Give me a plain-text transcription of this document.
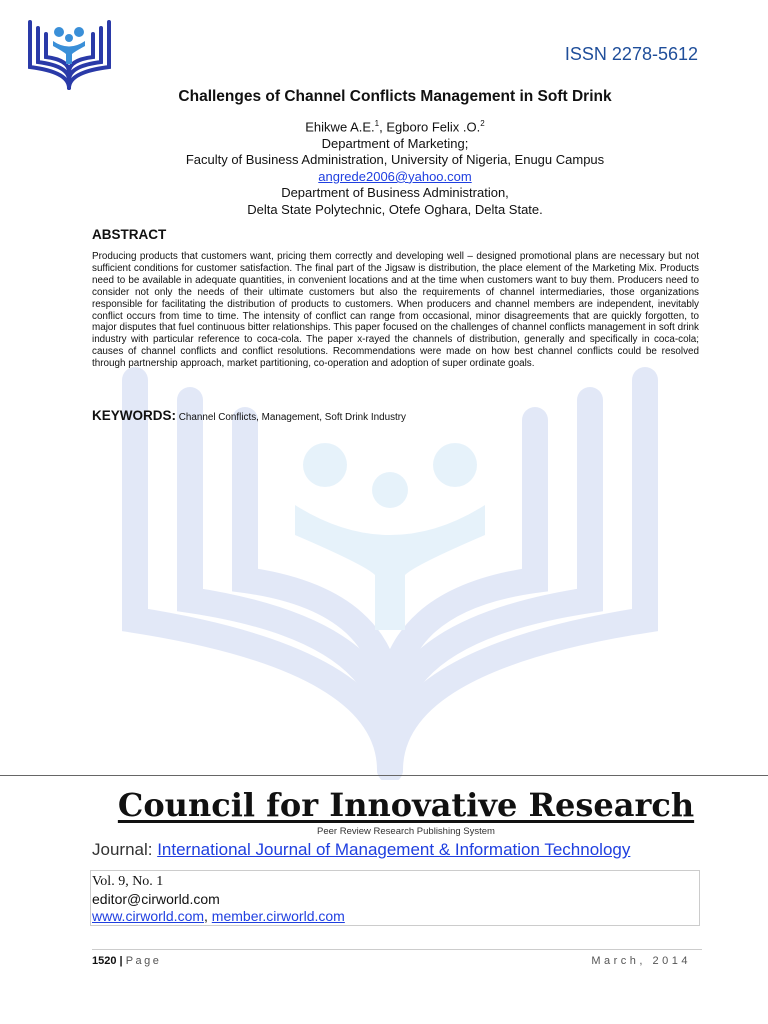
ISSN 2278-5612
Challenges of Channel Conflicts Management in Soft Drink
Ehikwe A.E.$^1$, Egboro Felix .O.$^2$
Department of Marketing;
Faculty of Business Administration, University of Nigeria, Enugu Campus
angrede2006@yahoo.com
Department of Business Administration,
Delta State Polytechnic, Otefe Oghara, Delta State.
ABSTRACT
Producing products that customers want, pricing them correctly and developing well – designed promotional plans are necessary but not sufficient conditions for customer satisfaction. The final part of the Jigsaw is distribution, the place element of the Marketing Mix. Products need to be available in adequate quantities, in convenient locations and at the time when customers want to buy them. Producers need to consider not only the needs of their ultimate customers but also the requirements of channel intermediaries, those organizations responsible for facilitating the distribution of products to customers. When producers and channel members are independent, inevitably conflict occurs from time to time. The intensity of conflict can range from occasional, minor disagreements that are quickly forgotten, to major disputes that fuel continuous bitter relationships. This paper focused on the challenges of channel conflicts management in soft drink industry with particular reference to coca-cola. The paper x-rayed the channels of distribution, generally and specifically in coca-cola; causes of channel conflicts and conflict resolutions. Recommendations were made on how best channel conflicts could be resolved through partnership approach, market partitioning, co-operation and adoption of super ordinate goals.
KEYWORDS: Channel Conflicts, Management, Soft Drink Industry
Council for Innovative Research
Peer Review Research Publishing System
Journal: International Journal of Management & Information Technology
Vol. 9, No. 1
editor@cirworld.com
www.cirworld.com, member.cirworld.com
1520 | Page	March, 2014
